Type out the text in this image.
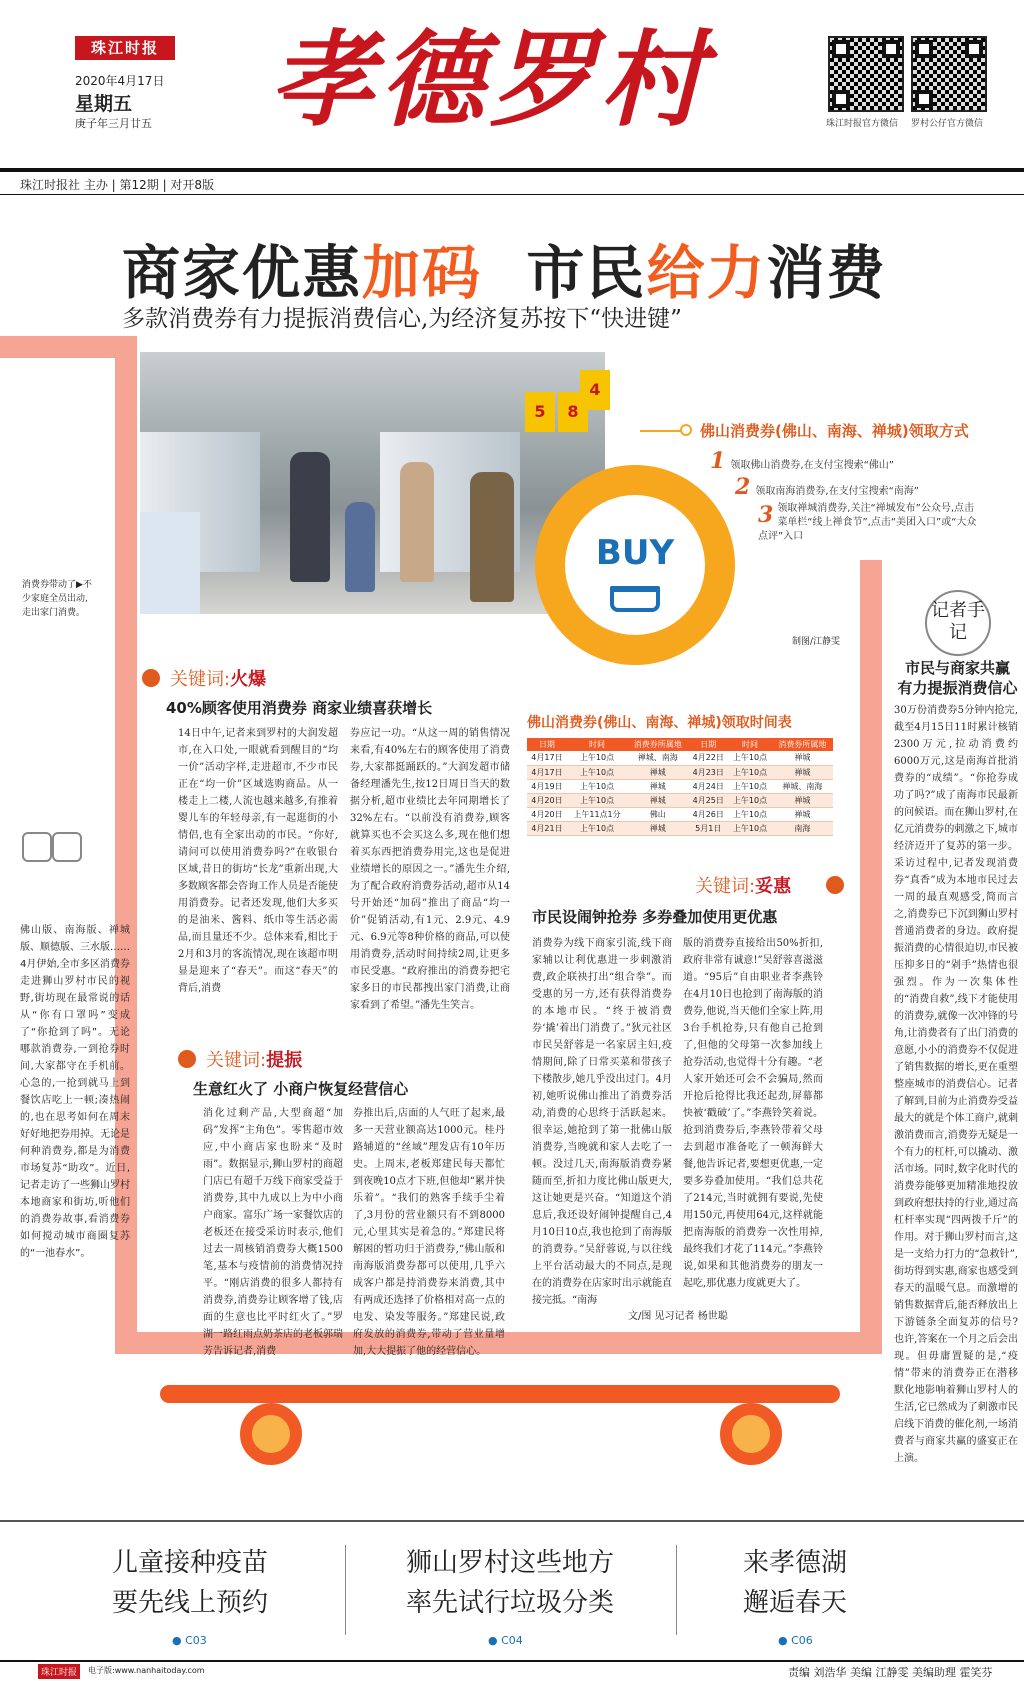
珠江时报
2020年4月17日
星期五
庚子年三月廿五 孝德罗村	珠江时报官方微信 罗村公仔官方微信
珠江时报社 主办 | 第12期 | 对开8版
商家优惠加码 市民给力消费
多款消费券有力提振消费信心,为经济复苏按下“快进键”
5	8
4
BUY
佛山消费券(佛山、南海、禅城)领取方式
1 领取佛山消费券,在支付宝搜索“佛山”
2 领取南海消费券,在支付宝搜索“南海”
3 领取禅城消费券,关注“禅城发布”公众号,点击菜单栏“线上禅食节”,点击“美团入口”或“大众点评”入口
制图/江静雯
消费券带动了▶不少家庭全员出动,走出家门消费。	记者手记
市民与商家共赢 有力提振消费信心
30万份消费券5分钟内抢完,截至4月15日11时累计核销2300万元,拉动消费约6000万元,这是南海首批消费券的“成绩”。“你抢券成功了吗?”成了南海市民最新的问候语。而在狮山罗村,在亿元消费券的刺激之下,城市经济迈开了复苏的第一步。采访过程中,记者发现消费券“真香”成为本地市民过去一周的最直观感受,简而言之,消费券已下沉到狮山罗村普通消费者的身边。政府提振消费的心情很迫切,市民被压抑多日的“剁手”热情也很强烈。作为一次集体性的“消费自救”,线下才能使用的消费券,就像一次冲锋的号角,让消费者有了出门消费的意愿,小小的消费券不仅促进了销售数据的增长,更在重塑整座城市的消费信心。记者了解到,目前为止消费券受益最大的就是个体工商户,就刺激消费而言,消费券无疑是一个有力的杠杆,可以撬动、激活市场。同时,数字化时代的消费券能够更加精准地投放到政府想扶持的行业,通过高杠杆率实现“四两拨千斤”的作用。对于狮山罗村而言,这是一支给力打力的“急救针”,街坊得到实惠,商家也感受到春天的温暖气息。而激增的销售数据背后,能否释放出上下游链条全面复苏的信号?也许,答案在一个月之后会出现。但毋庸置疑的是,“疫情”带来的消费券正在潜移默化地影响着狮山罗村人的生活,它已然成为了刺激市民启线下消费的催化剂,一场消费者与商家共赢的盛宴正在上演。
关键词:火爆
40%顾客使用消费券 商家业绩喜获增长
14日中午,记者来到罗村的大润发超市,在入口处,一眼就看到醒目的“均一价”活动字样,走进超市,不少市民正在“均一价”区域选购商品。从一楼走上二楼,人流也越来越多,有推着婴儿车的年轻母亲,有一起逛街的小情侣,也有全家出动的市民。“你好,请问可以使用消费券吗?”在收银台区域,昔日的街坊“长龙”重新出现,大多数顾客都会咨询工作人员是否能使用消费券。记者还发现,他们大多买的是油米、酱料、纸巾等生活必需品,而且量还不少。总体来看,相比于2月和3月的客流情况,现在该超市明显是迎来了“春天”。而这“春天”的背后,消费
券应记一功。“从这一周的销售情况来看,有40%左右的顾客使用了消费券,大家都挺踊跃的。”大润发超市储备经理潘先生,按12日周日当天的数据分析,超市业绩比去年同期增长了32%左右。“以前没有消费券,顾客就算买也不会买这么多,现在他们想着买东西把消费券用完,这也是促进业绩增长的原因之一。”潘先生介绍,为了配合政府消费券活动,超市从14号开始还“加码”推出了商品“均一价”促销活动,有1元、2.9元、4.9元、6.9元等8种价格的商品,可以使用消费券,活动时间持续2周,让更多市民受惠。“政府推出的消费券把宅家多日的市民都拽出家门消费,让商家看到了希望。”潘先生笑言。
佛山版、南海版、禅城版、顺德版、三水版……4月伊始,全市多区消费券走进狮山罗村市民的视野,街坊现在最常说的话从“你有口罩吗”变成了“你抢到了吗”。无论哪款消费券,一到抢券时间,大家都守在手机前。心急的,一抢到就马上到餐饮店吃上一顿;凑热闹的,也在思考如何在周末好好地把券用掉。无论是何种消费券,都是为消费市场复苏“助攻”。近日,记者走访了一些狮山罗村本地商家和街坊,听他们的消费券故事,看消费券如何搅动城市商圈复苏的“一池春水”。
关键词:提振
生意红火了 小商户恢复经营信心
消化过剩产品,大型商超“加码”发挥“主角色”。零售超市效应,中小商店家也盼来“及时雨”。数据显示,狮山罗村的商超门店已有超千万线下商家受益于消费券,其中九成以上为中小商户商家。富乐广场一家餐饮店的老板还在接受采访时表示,他们过去一周核销消费券大概1500笔,基本与疫情前的消费情况持平。“刚店消费的很多人都持有消费券,消费券让顾客增了钱,店面的生意也比平时红火了。”罗湖一路红雨点奶茶店的老板郭瑞芳告诉记者,消费
券推出后,店面的人气旺了起来,最多一天营业额高达1000元。桂丹路辅道的“丝域”理发店有10年历史。上周末,老板郑建民每天都忙到夜晚10点才下班,但他却“累并快乐着”。“我们的熟客手续手尘着了,3月份的营业额只有不到8000元,心里其实是着急的。”郑建民将解困的暂功归于消费券,“佛山版和南海版消费券都可以使用,几乎六成客户都是持消费券来消费,其中有两成还选择了价格相对高一点的电发、染发等服务。”郑建民说,政府发放的消费券,带动了营业量增加,大大提振了他的经营信心。
佛山消费券(佛山、南海、禅城)领取时间表
日期	时间	消费券所属地	日期	时间	消费券所属地
4月17日	上午10点	禅城、南海	4月22日	上午10点	禅城
4月17日	上午10点	禅城	4月23日	上午10点	禅城
4月19日	上午10点	禅城	4月24日	上午10点	禅城、南海
4月20日	上午10点	禅城	4月25日	上午10点	禅城
4月20日	上午11点1分	佛山	4月26日	上午10点	禅城
4月21日	上午10点	禅城	5月1日	上午10点	南海
关键词:妥惠
市民设闹钟抢券 多券叠加使用更优惠
消费券为线下商家引流,线下商家辅以让利优惠进一步刺激消费,政企联袂打出“组合拳”。而受惠的另一方,还有获得消费券的本地市民。“终于被消费券‘撬’着出门消费了。”狄元社区市民吴舒蓉是一名家居主妇,疫情期间,除了日常买菜和带孩子下楼散步,她几乎没出过门。4月初,她听说佛山推出了消费券活动,消费的心思终于活跃起来。很幸运,她抢到了第一批佛山版消费券,当晚就和家人去吃了一顿。没过几天,南海版消费券紧随而至,折扣力度比佛山版更大,这让她更是兴奋。“知道这个消息后,我还设好闹钟提醒自己,4月10日10点,我也抢到了南海版的消费券。”吴舒蓉说,与以往线上平台活动最大的不同点,是现在的消费券在店家时出示就能直接完抵。“南海
版的消费券直接给出50%折扣,政府非常有诚意!”吴舒蓉喜滋滋道。“95后”自由职业者李燕铃在4月10日也抢到了南海版的消费券,他说,当天他们全家上阵,用3台手机抢券,只有他自己抢到了,但他的父母第一次参加线上抢券活动,也觉得十分有趣。“老人家开始还可会不会骗局,然而开抢后抢得比我还起劲,屏幕都快被‘戳破’了。”李燕铃笑着说。抢到消费券后,李燕铃带着父母去到超市准备吃了一顿海鲜大餐,他告诉记者,要想更优惠,一定要多券叠加使用。“我们总共花了214元,当时就拥有要说,先使用150元,再使用64元,这样就能把南海版的消费券一次性用掉,最终我们才花了114元。”李燕铃说,如果和其他消费券的朋友一起吃,那优惠力度就更大了。
文/图 见习记者 杨世聪
儿童接种疫苗
要先线上预约
● C03
狮山罗村这些地方
率先试行垃圾分类
● C04
来孝德湖
邂逅春天
● C06
珠江时报	电子版:www.nanhaitoday.com	责编 刘浩华 美编 江静雯 美编助理 霍笑芬
